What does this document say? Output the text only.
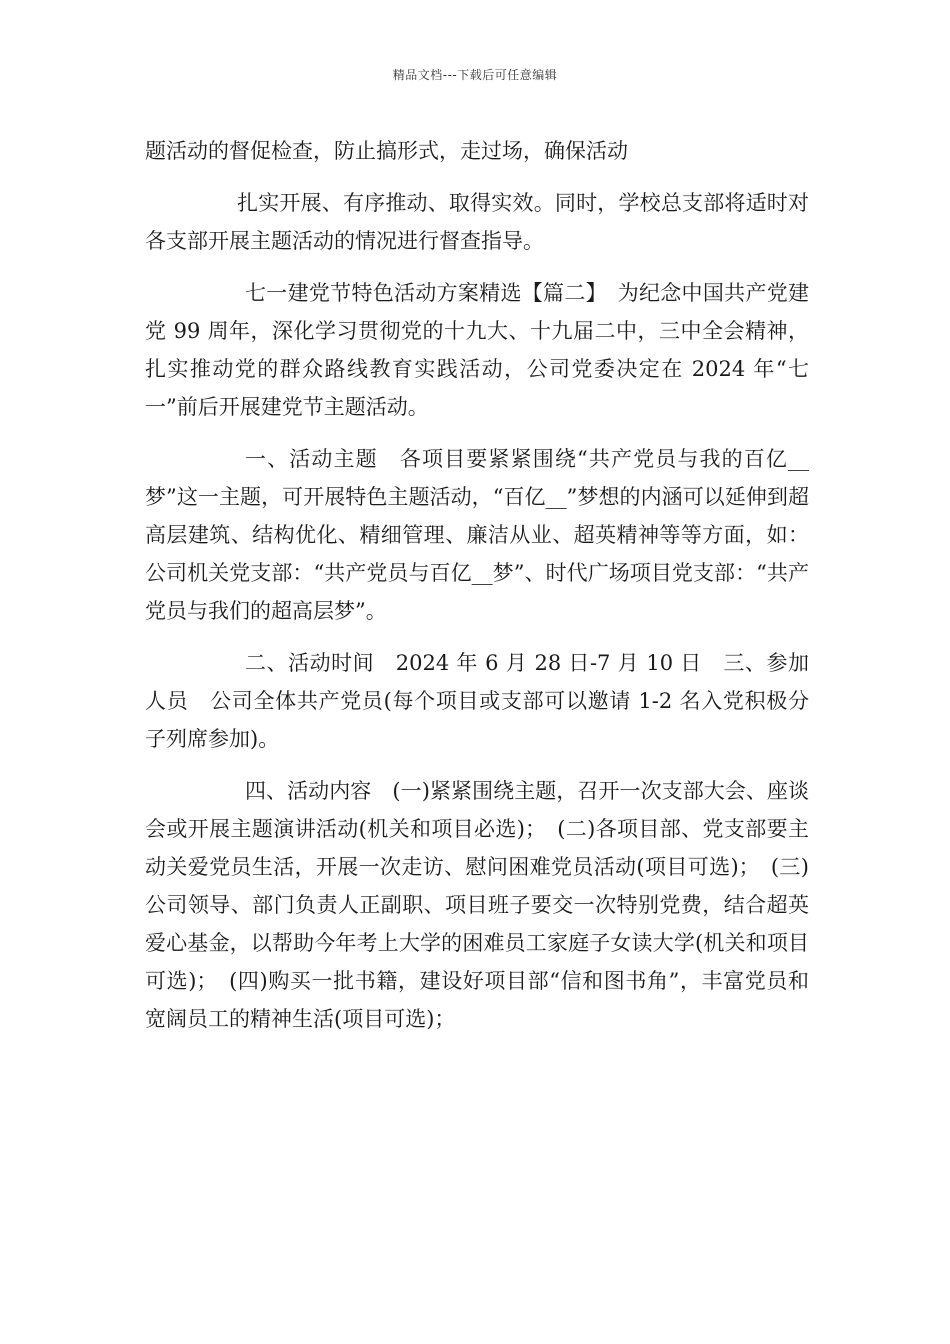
精品文档---下载后可任意编辑

题活动的督促检查，防止搞形式，走过场，确保活动

扎实开展、有序推动、取得实效。同时，学校总支部将适时对各支部开展主题活动的情况进行督查指导。

七一建党节特色活动方案精选【篇二】　为纪念中国共产党建党 99 周年，深化学习贯彻党的十九大、十九届二中，三中全会精神，扎实推动党的群众路线教育实践活动，公司党委决定在 2024 年“七一”前后开展建党节主题活动。

一、活动主题　各项目要紧紧围绕“共产党员与我的百亿__梦”这一主题，可开展特色主题活动，“百亿__”梦想的内涵可以延伸到超高层建筑、结构优化、精细管理、廉洁从业、超英精神等等方面，如：公司机关党支部：“共产党员与百亿__梦”、时代广场项目党支部：“共产党员与我们的超高层梦”。

二、活动时间　2024 年 6 月 28 日-7 月 10 日　三、参加人员　公司全体共产党员(每个项目或支部可以邀请 1-2 名入党积极分子列席参加)。

四、活动内容　(一)紧紧围绕主题，召开一次支部大会、座谈会或开展主题演讲活动(机关和项目必选)；　(二)各项目部、党支部要主动关爱党员生活，开展一次走访、慰问困难党员活动(项目可选)；　(三)公司领导、部门负责人正副职、项目班子要交一次特别党费，结合超英爱心基金，以帮助今年考上大学的困难员工家庭子女读大学(机关和项目可选)；　(四)购买一批书籍，建设好项目部“信和图书角”，丰富党员和宽阔员工的精神生活(项目可选)；
